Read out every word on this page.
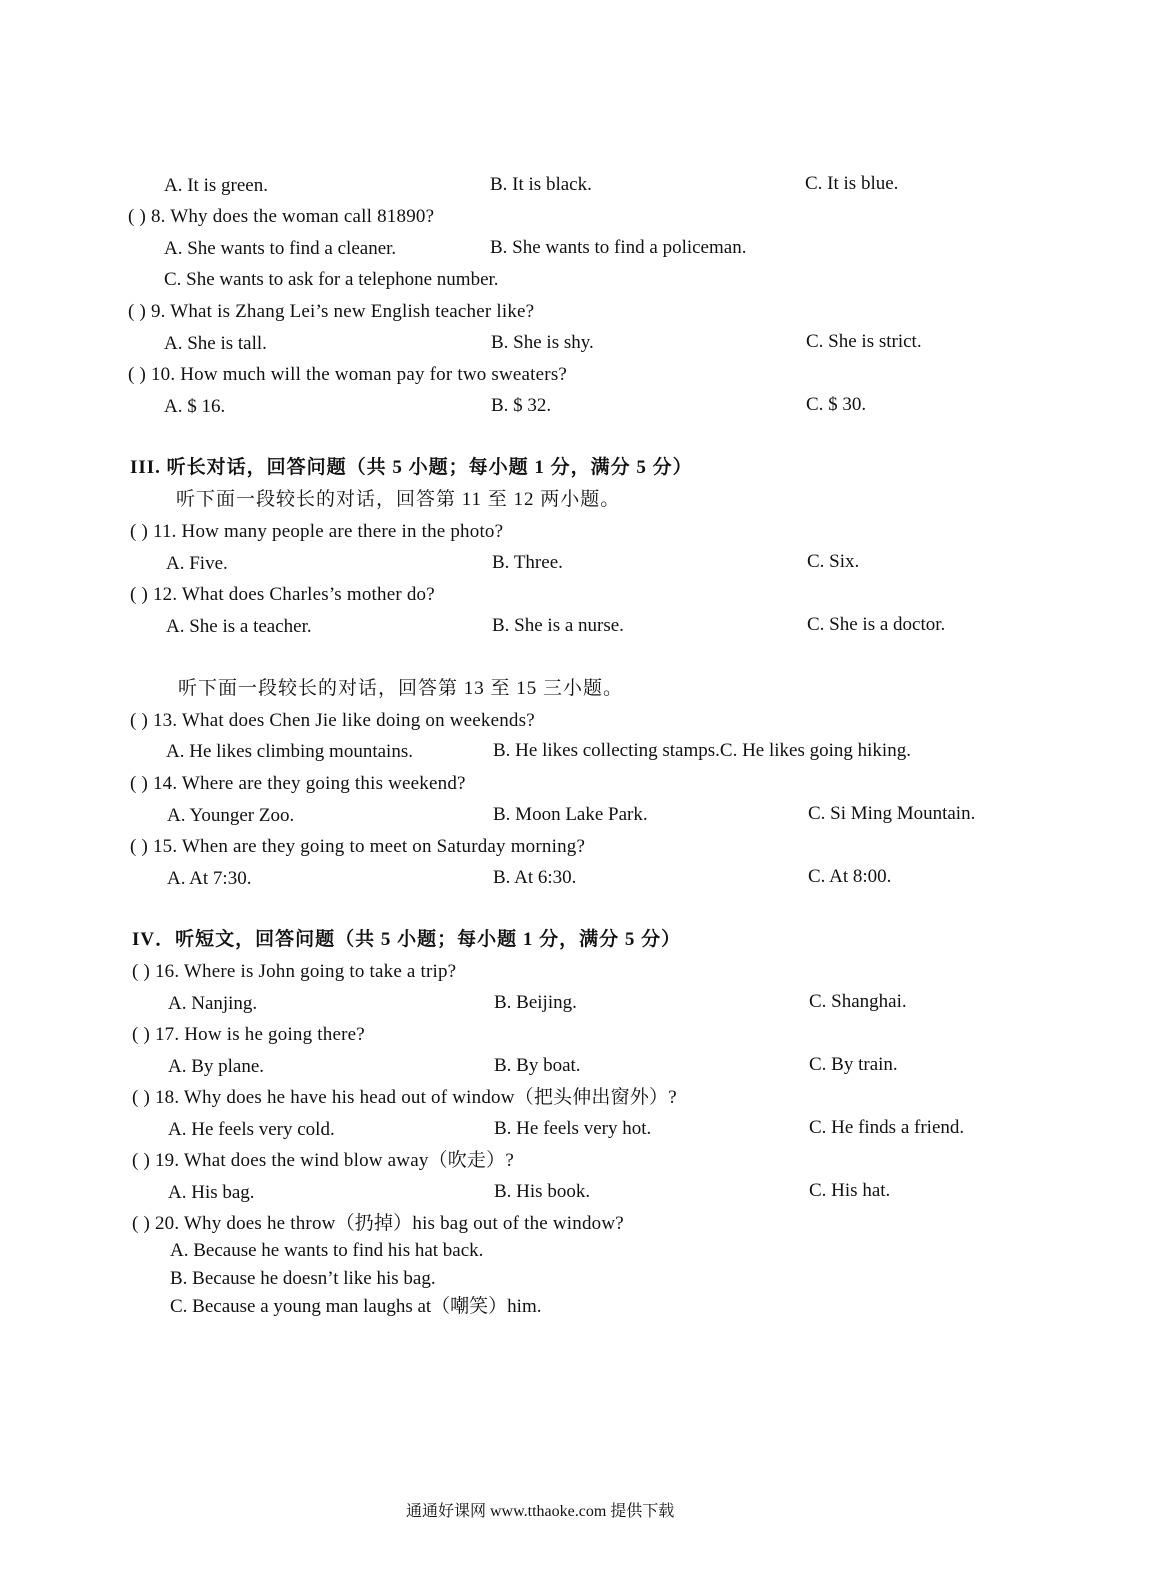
A. It is green.	B. It is black.	C. It is blue.
( ) 8. Why does the woman call 81890?
A. She wants to find a cleaner.	B. She wants to find a policeman.
C. She wants to ask for a telephone number.
( ) 9. What is Zhang Lei’s new English teacher like?
A. She is tall.	B. She is shy.	C. She is strict.
( ) 10. How much will the woman pay for two sweaters?
A. $ 16.	B. $ 32.	C. $ 30.
III. 听长对话，回答问题（共 5 小题；每小题 1 分，满分 5 分）
听下面一段较长的对话，回答第 11 至 12 两小题。
( ) 11. How many people are there in the photo?
A. Five.	B. Three.	C. Six.
( ) 12. What does Charles’s mother do?
A. She is a teacher.	B. She is a nurse.	C. She is a doctor.
听下面一段较长的对话，回答第 13 至 15 三小题。
( ) 13. What does Chen Jie like doing on weekends?
A. He likes climbing mountains.	B. He likes collecting stamps.C. He likes going hiking.
( ) 14. Where are they going this weekend?
A. Younger Zoo.	B. Moon Lake Park.	C. Si Ming Mountain.
( ) 15. When are they going to meet on Saturday morning?
A. At 7:30.	B. At 6:30.	C. At 8:00.
IV．听短文，回答问题（共 5 小题；每小题 1 分，满分 5 分）
( ) 16. Where is John going to take a trip?
A. Nanjing.	B. Beijing.	C. Shanghai.
( ) 17. How is he going there?
A. By plane.	B. By boat.	C. By train.
( ) 18. Why does he have his head out of window（把头伸出窗外）?
A. He feels very cold.	B. He feels very hot.	C. He finds a friend.
( ) 19. What does the wind blow away（吹走）?
A. His bag.	B. His book.	C. His hat.
( ) 20. Why does he throw（扔掉）his bag out of the window?
A. Because he wants to find his hat back.
B. Because he doesn’t like his bag.
C. Because a young man laughs at（嘲笑）him.
通通好课网 www.tthaoke.com 提供下载
